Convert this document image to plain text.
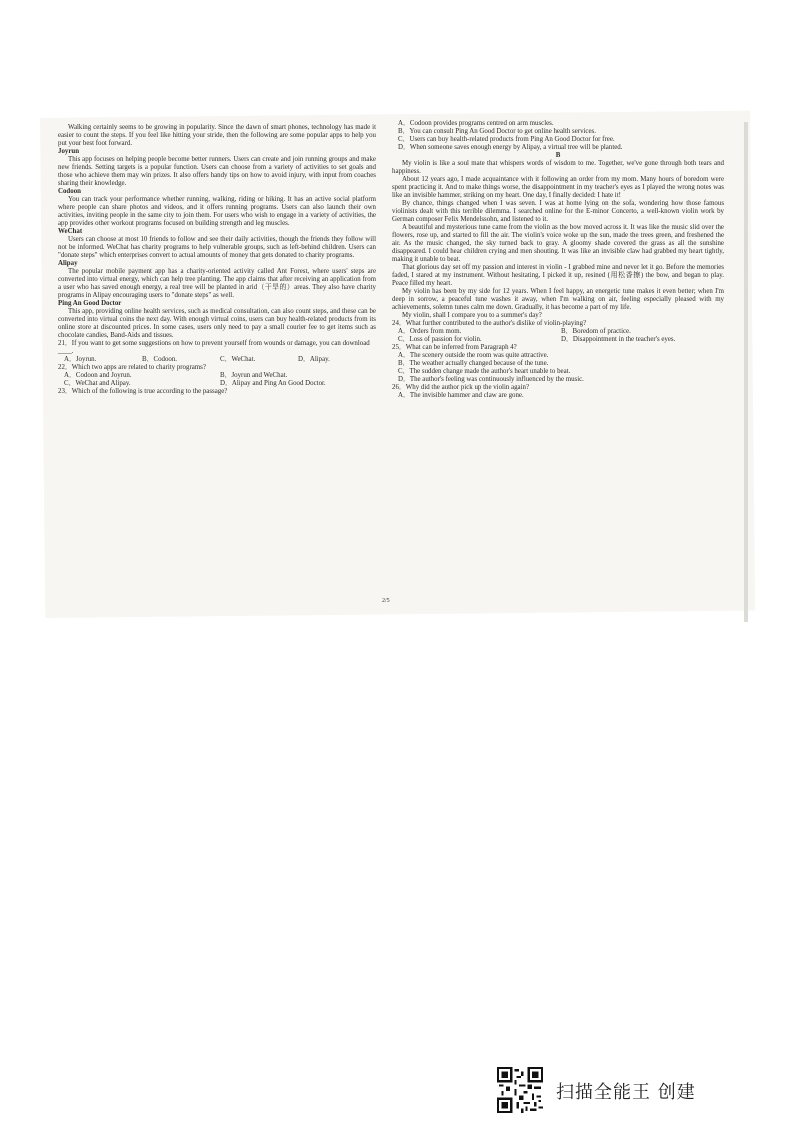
Walking certainly seems to be growing in popularity. Since the dawn of smart phones, technology has made it easier to count the steps. If you feel like hitting your stride, then the following are some popular apps to help you put your best foot forward.

Joyrun

This app focuses on helping people become better runners. Users can create and join running groups and make new friends. Setting targets is a popular function. Users can choose from a variety of activities to set goals and those who achieve them may win prizes. It also offers handy tips on how to avoid injury, with input from coaches sharing their knowledge.

Codoon

You can track your performance whether running, walking, riding or hiking. It has an active social platform where people can share photos and videos, and it offers running programs. Users can also launch their own activities, inviting people in the same city to join them. For users who wish to engage in a variety of activities, the app provides other workout programs focused on building strength and leg muscles.

WeChat

Users can choose at most 10 friends to follow and see their daily activities, though the friends they follow will not be informed. WeChat has charity programs to help vulnerable groups, such as left-behind children. Users can "donate steps" which enterprises convert to actual amounts of money that gets donated to charity programs.

Alipay

The popular mobile payment app has a charity-oriented activity called Ant Forest, where users' steps are converted into virtual energy, which can help tree planting. The app claims that after receiving an application from a user who has saved enough energy, a real tree will be planted in arid（干旱的）areas. They also have charity programs in Alipay encouraging users to "donate steps" as well.

Ping An Good Doctor

This app, providing online health services, such as medical consultation, can also count steps, and these can be converted into virtual coins the next day. With enough virtual coins, users can buy health-related products from its online store at discounted prices. In some cases, users only need to pay a small courier fee to get items such as chocolate candies, Band-Aids and tissues.

21．If you want to get some suggestions on how to prevent yourself from wounds or damage, you can download ____.

A．Joyrun.	B．Codoon.	C．WeChat.	D．Alipay.

22．Which two apps are related to charity programs?

A．Codoon and Joyrun.	B．Joyrun and WeChat.
C．WeChat and Alipay.	D．Alipay and Ping An Good Doctor.

23．Which of the following is true according to the passage?

A．Codoon provides programs centred on arm muscles.
B．You can consult Ping An Good Doctor to get online health services.
C．Users can buy health-related products from Ping An Good Doctor for free.
D．When someone saves enough energy by Alipay, a virtual tree will be planted.

B

My violin is like a soul mate that whispers words of wisdom to me. Together, we've gone through both tears and happiness.

About 12 years ago, I made acquaintance with it following an order from my mom. Many hours of boredom were spent practicing it. And to make things worse, the disappointment in my teacher's eyes as I played the wrong notes was like an invisible hammer, striking on my heart. One day, I finally decided: I hate it!

By chance, things changed when I was seven. I was at home lying on the sofa, wondering how those famous violinists dealt with this terrible dilemma. I searched online for the E-minor Concerto, a well-known violin work by German composer Felix Mendelssohn, and listened to it.

A beautiful and mysterious tune came from the violin as the bow moved across it. It was like the music slid over the flowers, rose up, and started to fill the air. The violin's voice woke up the sun, made the trees green, and freshened the air. As the music changed, the sky turned back to gray. A gloomy shade covered the grass as all the sunshine disappeared. I could hear children crying and men shouting. It was like an invisible claw had grabbed my heart tightly, making it unable to beat.

That glorious day set off my passion and interest in violin - I grabbed mine and never let it go. Before the memories faded, I stared at my instrument. Without hesitating, I picked it up, resined (用松香擦) the bow, and began to play. Peace filled my heart.

My violin has been by my side for 12 years. When I feel happy, an energetic tune makes it even better; when I'm deep in sorrow, a peaceful tune washes it away, when I'm walking on air, feeling especially pleased with my achievements, solemn tunes calm me down. Gradually, it has become a part of my life.

My violin, shall I compare you to a summer's day?

24．What further contributed to the author's dislike of violin-playing?

A．Orders from mom.	B．Boredom of practice.
C．Loss of passion for violin.	D．Disappointment in the teacher's eyes.

25．What can be inferred from Paragraph 4?

A．The scenery outside the room was quite attractive.
B．The weather actually changed because of the tune.
C．The sudden change made the author's heart unable to beat.
D．The author's feeling was continuously influenced by the music.

26．Why did the author pick up the violin again?

A．The invisible hammer and claw are gone.
2/5
扫描全能王 创建
